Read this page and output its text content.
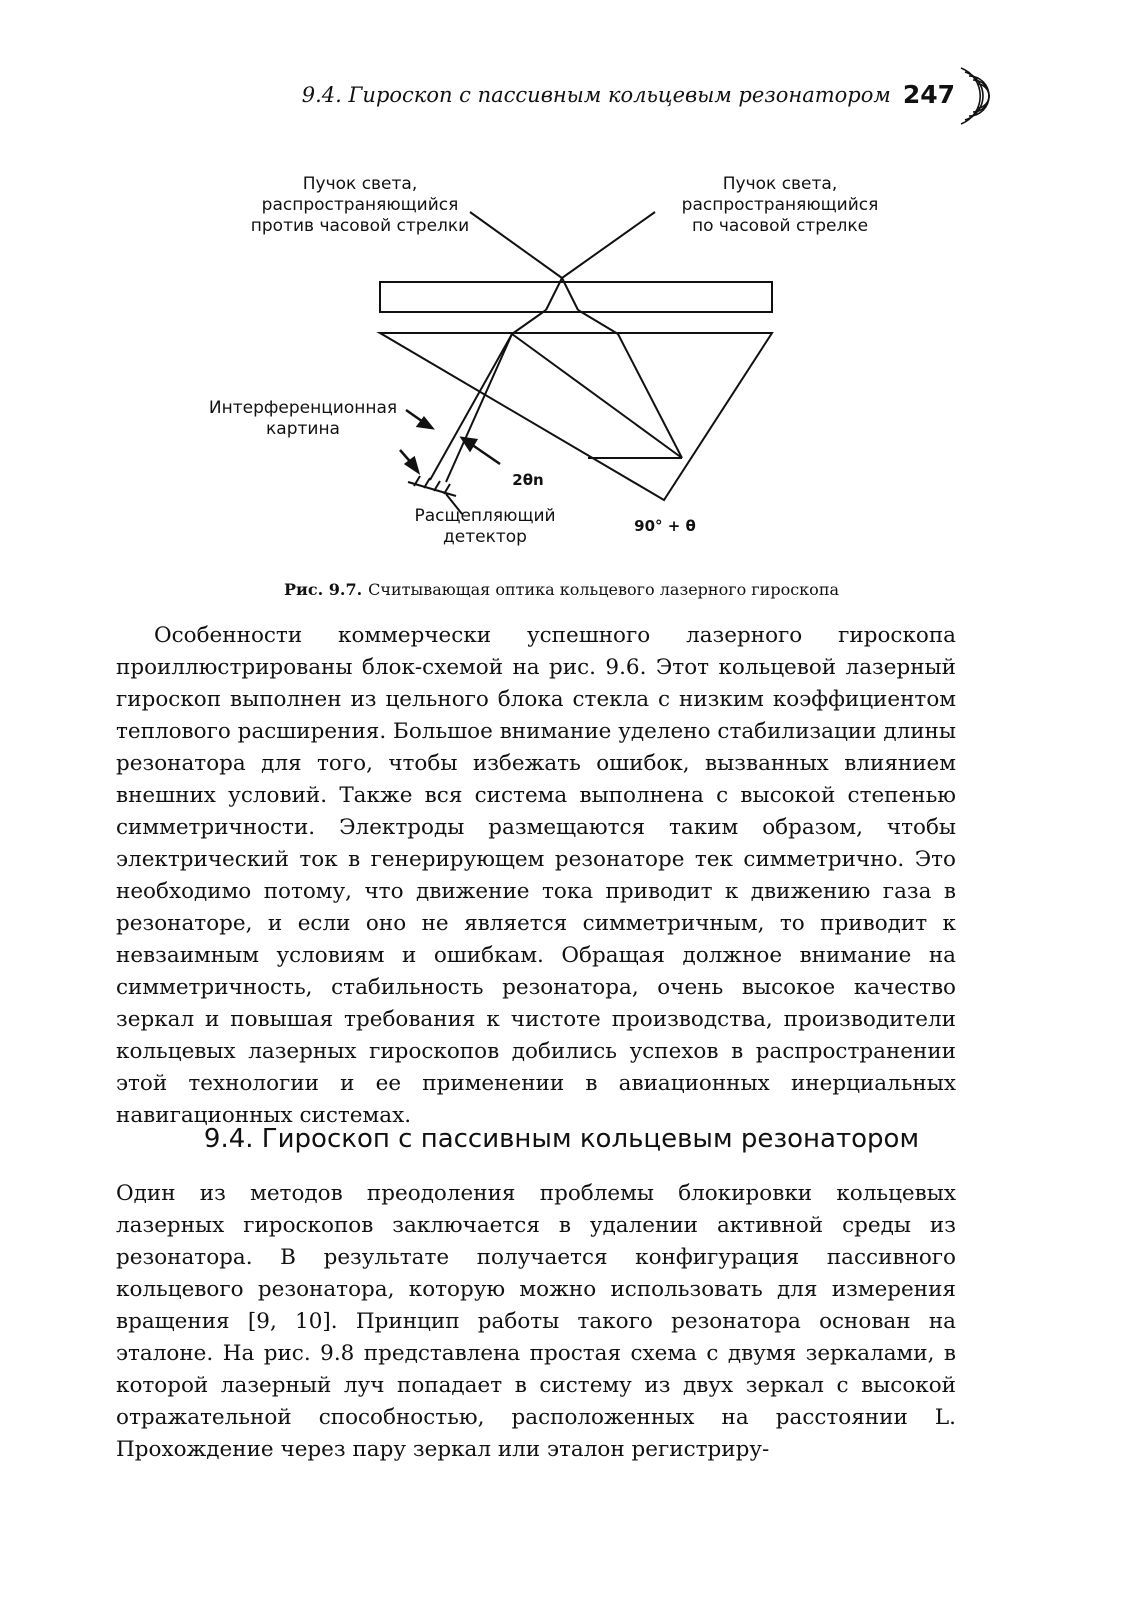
9.4. Гироскоп с пассивным кольцевым резонатором 247
Пучок света,
распространяющийся
против часовой стрелки
Пучок света,
распространяющийся
по часовой стрелке
Интерференционная
картина
2θn
Расщепляющий
детектор
90° + θ
Рис. 9.7. Считывающая оптика кольцевого лазерного гироскопа
Особенности коммерчески успешного лазерного гироскопа проиллюстрированы блок-схемой на рис. 9.6. Этот кольцевой лазерный гироскоп выполнен из цельного блока стекла с низким коэффициентом теплового расширения. Большое внимание уделено стабилизации длины резонатора для того, чтобы избежать ошибок, вызванных влиянием внешних условий. Также вся система выполнена с высокой степенью симметричности. Электроды размещаются таким образом, чтобы электрический ток в генерирующем резонаторе тек симметрично. Это необходимо потому, что движение тока приводит к движению газа в резонаторе, и если оно не является симметричным, то приводит к невзаимным условиям и ошибкам. Обращая должное внимание на симметричность, стабильность резонатора, очень высокое качество зеркал и повышая требования к чистоте производства, производители кольцевых лазерных гироскопов добились успехов в распространении этой технологии и ее применении в авиационных инерциальных навигационных системах.
9.4. Гироскоп с пассивным кольцевым резонатором
Один из методов преодоления проблемы блокировки кольцевых лазерных гироскопов заключается в удалении активной среды из резонатора. В результате получается конфигурация пассивного кольцевого резонатора, которую можно использовать для измерения вращения [9, 10]. Принцип работы такого резонатора основан на эталоне. На рис. 9.8 представлена простая схема с двумя зеркалами, в которой лазерный луч попадает в систему из двух зеркал с высокой отражательной способностью, расположенных на расстоянии L. Прохождение через пару зеркал или эталон регистриру-
